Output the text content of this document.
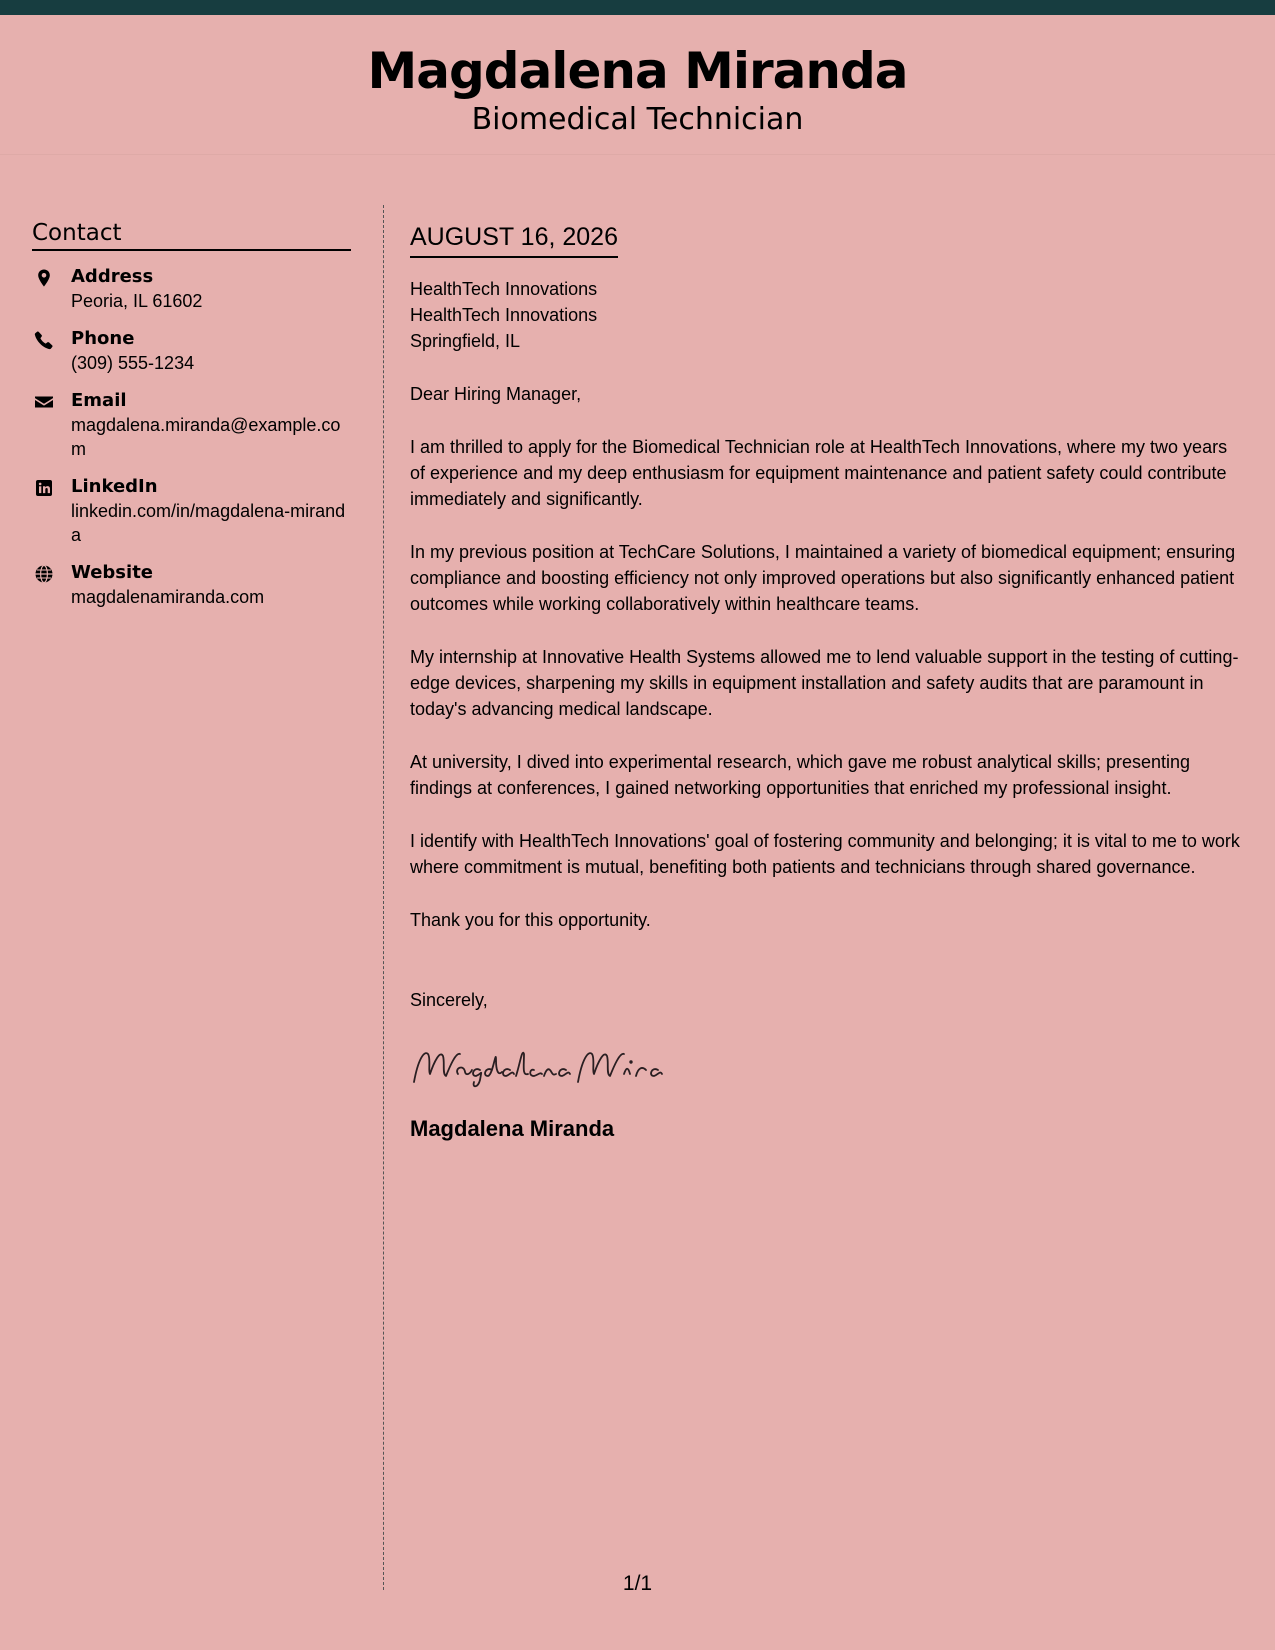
Magdalena Miranda
Biomedical Technician
Contact
Address
Peoria, IL 61602
Phone
(309) 555-1234
Email
magdalena.miranda@example.com
LinkedIn
linkedin.com/in/magdalena-miranda
Website
magdalenamiranda.com
AUGUST 16, 2026
HealthTech Innovations
HealthTech Innovations
Springfield, IL
Dear Hiring Manager,
I am thrilled to apply for the Biomedical Technician role at HealthTech Innovations, where my two years of experience and my deep enthusiasm for equipment maintenance and patient safety could contribute immediately and significantly.
In my previous position at TechCare Solutions, I maintained a variety of biomedical equipment; ensuring compliance and boosting efficiency not only improved operations but also significantly enhanced patient outcomes while working collaboratively within healthcare teams.
My internship at Innovative Health Systems allowed me to lend valuable support in the testing of cutting-edge devices, sharpening my skills in equipment installation and safety audits that are paramount in today's advancing medical landscape.
At university, I dived into experimental research, which gave me robust analytical skills; presenting findings at conferences, I gained networking opportunities that enriched my professional insight.
I identify with HealthTech Innovations' goal of fostering community and belonging; it is vital to me to work where commitment is mutual, benefiting both patients and technicians through shared governance.
Thank you for this opportunity.
Sincerely,
Magdalena Miranda
1/1
